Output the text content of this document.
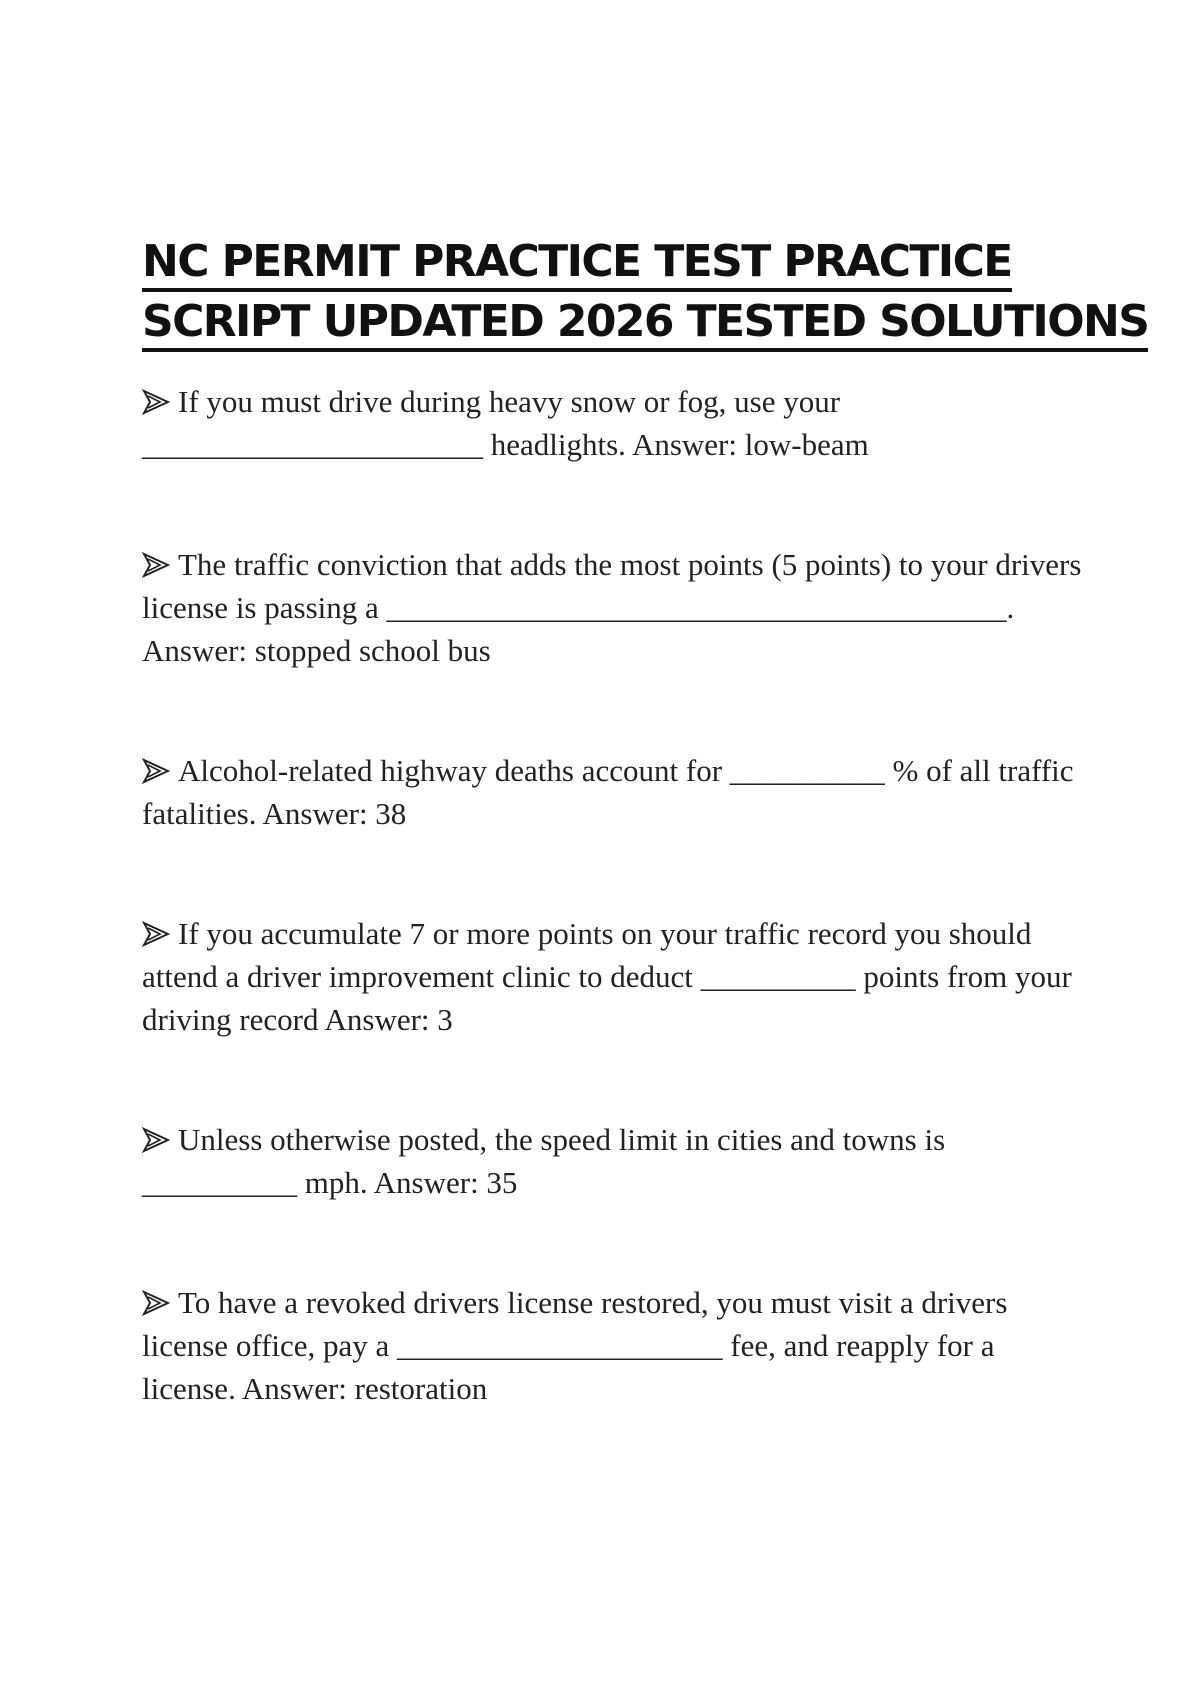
NC PERMIT PRACTICE TEST PRACTICE
SCRIPT UPDATED 2026 TESTED SOLUTIONS

If you must drive during heavy snow or fog, use your ______________________ headlights. Answer: low-beam

The traffic conviction that adds the most points (5 points) to your drivers license is passing a ________________________________________. Answer: stopped school bus

Alcohol-related highway deaths account for __________ % of all traffic fatalities. Answer: 38

If you accumulate 7 or more points on your traffic record you should attend a driver improvement clinic to deduct __________ points from your driving record Answer: 3

Unless otherwise posted, the speed limit in cities and towns is __________ mph. Answer: 35

To have a revoked drivers license restored, you must visit a drivers license office, pay a _____________________ fee, and reapply for a license. Answer: restoration
